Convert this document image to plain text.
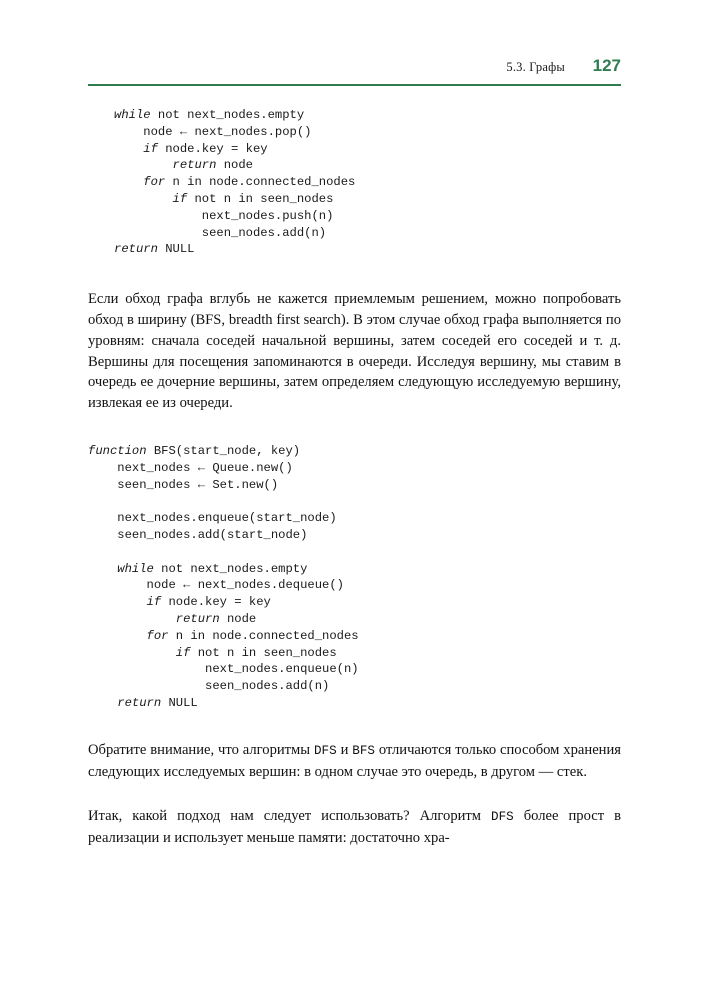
5.3. Графы	127
while not next_nodes.empty
node ← next_nodes.pop()
if node.key = key
return node
for n in node.connected_nodes
if not n in seen_nodes
next_nodes.push(n)
seen_nodes.add(n)
return NULL

Если обход графа вглубь не кажется приемлемым решением, можно попробовать обход в ширину (BFS, breadth first search). В этом случае обход графа выполняется по уровням: сначала соседей начальной вершины, затем соседей его соседей и т. д. Вершины для посещения запоминаются в очереди. Исследуя вершину, мы ставим в очередь ее дочерние вершины, затем определяем следующую исследуемую вершину, извлекая ее из очереди.

function BFS(start_node, key)
next_nodes ← Queue.new()
seen_nodes ← Set.new()

next_nodes.enqueue(start_node)
seen_nodes.add(start_node)

while not next_nodes.empty
node ← next_nodes.dequeue()
if node.key = key
return node
for n in node.connected_nodes
if not n in seen_nodes
next_nodes.enqueue(n)
seen_nodes.add(n)
return NULL

Обратите внимание, что алгоритмы DFS и BFS отличаются только способом хранения следующих исследуемых вершин: в одном случае это очередь, в другом — стек.

Итак, какой подход нам следует использовать? Алгоритм DFS более прост в реализации и использует меньше памяти: достаточно хра-
